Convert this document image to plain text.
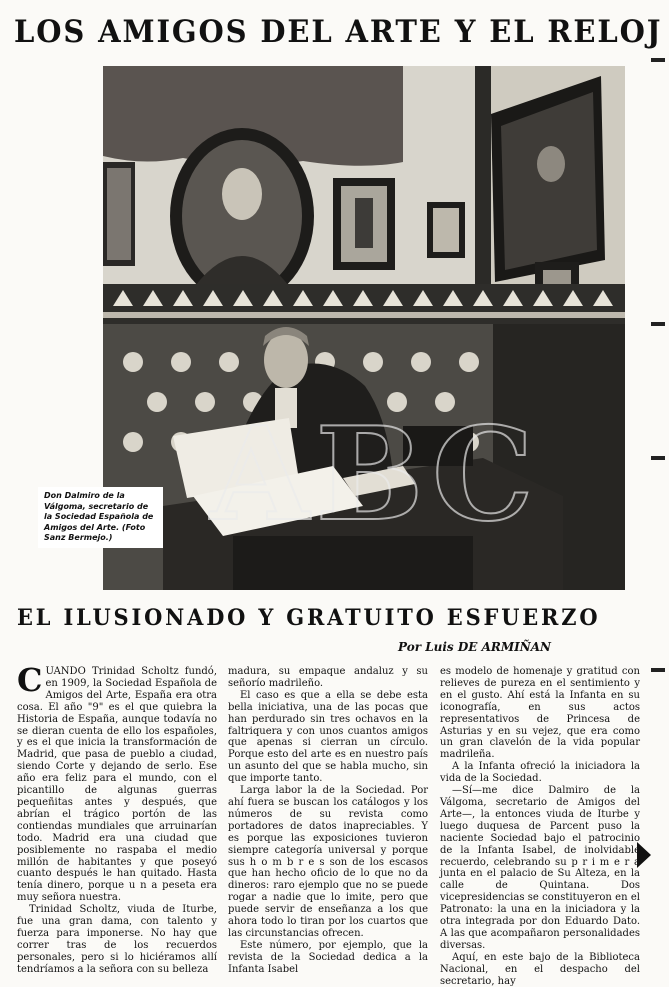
LOS AMIGOS DEL ARTE Y EL RELOJ
ABC
Don Dalmiro de la Válgoma, secretario de la Sociedad Española de Amigos del Arte. (Foto Sanz Bermejo.)
EL ILUSIONADO Y GRATUITO ESFUERZO
Por Luis DE ARMIÑAN

CUANDO Trinidad Scholtz fundó, en 1909, la Sociedad Española de Amigos del Arte, España era otra cosa. El año "9" es el que quiebra la Historia de España, aunque todavía no se dieran cuenta de ello los españoles, y es el que inicia la transformación de Madrid, que pasa de pueblo a ciudad, siendo Corte y dejando de serlo. Ese año era feliz para el mundo, con el picantillo de algunas guerras pequeñitas antes y después, que abrían el trágico portón de las contiendas mundiales que arruinarían todo. Madrid era una ciudad que posiblemente no raspaba el medio millón de habitantes y que poseyó cuanto después le han quitado. Hasta tenía dinero, porque u n a peseta era muy señora nuestra.

Trinidad Scholtz, viuda de Iturbe, fue una gran dama, con talento y fuerza para imponerse. No hay que correr tras de los recuerdos personales, pero si lo hiciéramos allí tendríamos a la señora con su belleza

madura, su empaque andaluz y su señorío madrileño.

El caso es que a ella se debe esta bella iniciativa, una de las pocas que han perdurado sin tres ochavos en la faltriquera y con unos cuantos amigos que apenas si cierran un círculo. Porque esto del arte es en nuestro país un asunto del que se habla mucho, sin que importe tanto.

Larga labor la de la Sociedad. Por ahí fuera se buscan los catálogos y los números de su revista como portadores de datos inapreciables. Y es porque las exposiciones tuvieron siempre categoría universal y porque sus h o m b r e s son de los escasos que han hecho oficio de lo que no da dineros: raro ejemplo que no se puede rogar a nadie que lo imite, pero que puede servir de enseñanza a los que ahora todo lo tiran por los cuartos que las circunstancias ofrecen.

Este número, por ejemplo, que la revista de la Sociedad dedica a la Infanta Isabel

es modelo de homenaje y gratitud con relieves de pureza en el sentimiento y en el gusto. Ahí está la Infanta en su iconografía, en sus actos representativos de Princesa de Asturias y en su vejez, que era como un gran clavelón de la vida popular madrileña.

A la Infanta ofreció la iniciadora la vida de la Sociedad.

—Sí—me dice Dalmiro de la Válgoma, secretario de Amigos del Arte—, la entonces viuda de Iturbe y luego duquesa de Parcent puso la naciente Sociedad bajo el patrocinio de la Infanta Isabel, de inolvidable recuerdo, celebrando su p r i m e r a junta en el palacio de Su Alteza, en la calle de Quintana. Dos vicepresidencias se constituyeron en el Patronato: la una en la iniciadora y la otra integrada por don Eduardo Dato. A las que acompañaron personalidades diversas.

Aquí, en este bajo de la Biblioteca Nacional, en el despacho del secretario, hay
